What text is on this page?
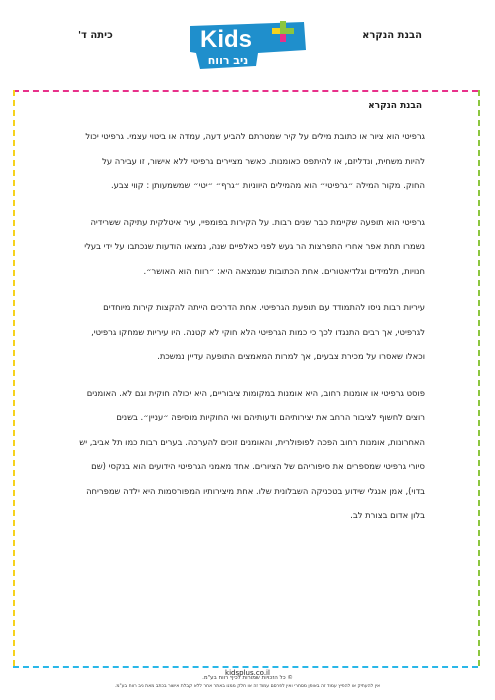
הבנת הנקרא
כיתה ד'	Kids
ניב רווח
הבנת הנקרא

גרפיטי הוא ציור או כתובת מילים על קיר שמטרתם להביע דעה, עמדה או ביטוי עצמי. גרפיטי יכול להיות משחית, ונדליזם, או להיתפס כאומנות. כאשר מציירים גרפיטי ללא אישור, זו עבירה על החוק. מקור המילה ״גרפיטי״ הוא מהמילים היווניות ״גרף״ ״יטי״ שמשמעותן : קווי צבע.

גרפיטי הוא תופעה שקיימת כבר שנים רבות. על הקירות בפומפיי, עיר איטלקית עתיקה ששרידיה נשמרו תחת אפר אחרי התפרצות הר געש לפני כאלפיים שנה, נמצאו הודעות שנכתבו על ידי בעלי חנויות, תלמידים וגלדיאטורים. אחת הכתובות שנמצאה היא: ״רווח הוא האושר״.

עיריות רבות ניסו להתמודד עם תופעת הגרפיטי. אחת הדרכים הייתה להקצות קירות מיוחדים לגרפיטי, אך רבים התנגדו לכך כי כמות הגרפיטי הלא חוקי לא קטנה. היו עיריות שמחקו גרפיטי, וכאלו שאסרו על מכירת צבעים, אך למרות המאמצים התופעה עדיין נמשכת.

פוסט גרפיטי או אומנות רחוב, היא אומנות במקומות ציבוריים, היא יכולה חוקית וגם לא. האומנים רוצים לחשוף לציבור הרחב את יצירותיהם ודעותיהם ואי החוקיות מוסיפה ״עניין״. בשנים האחרונות, אומנות רחוב הפכה לפופולרית, והאומנים זוכים להערכה. בערים רבות כמו תל אביב, יש סיורי גרפיטי שמספרים את סיפוריהם של הציורים. אחד מאמני הגרפיטי הידועים הוא בנקסי (שם בדוי), אמן אנגלי שידוע בטכניקה השבלונית שלו. אחת מיצירותיו המפורסמות היא ילדה שמפריחה בלון אדום בצורת לב.

kidsplus.co.il
© כל הזכויות שמורות לכיף רווח בע"מ.
אין להעתיק או להפיץ עמוד זה באופן מסחרי ואין לפרסם עמוד זה או חלק ממנו באתר אחר ללא קבלת אישור בכתב מאת ניב רווח בע"מ.
